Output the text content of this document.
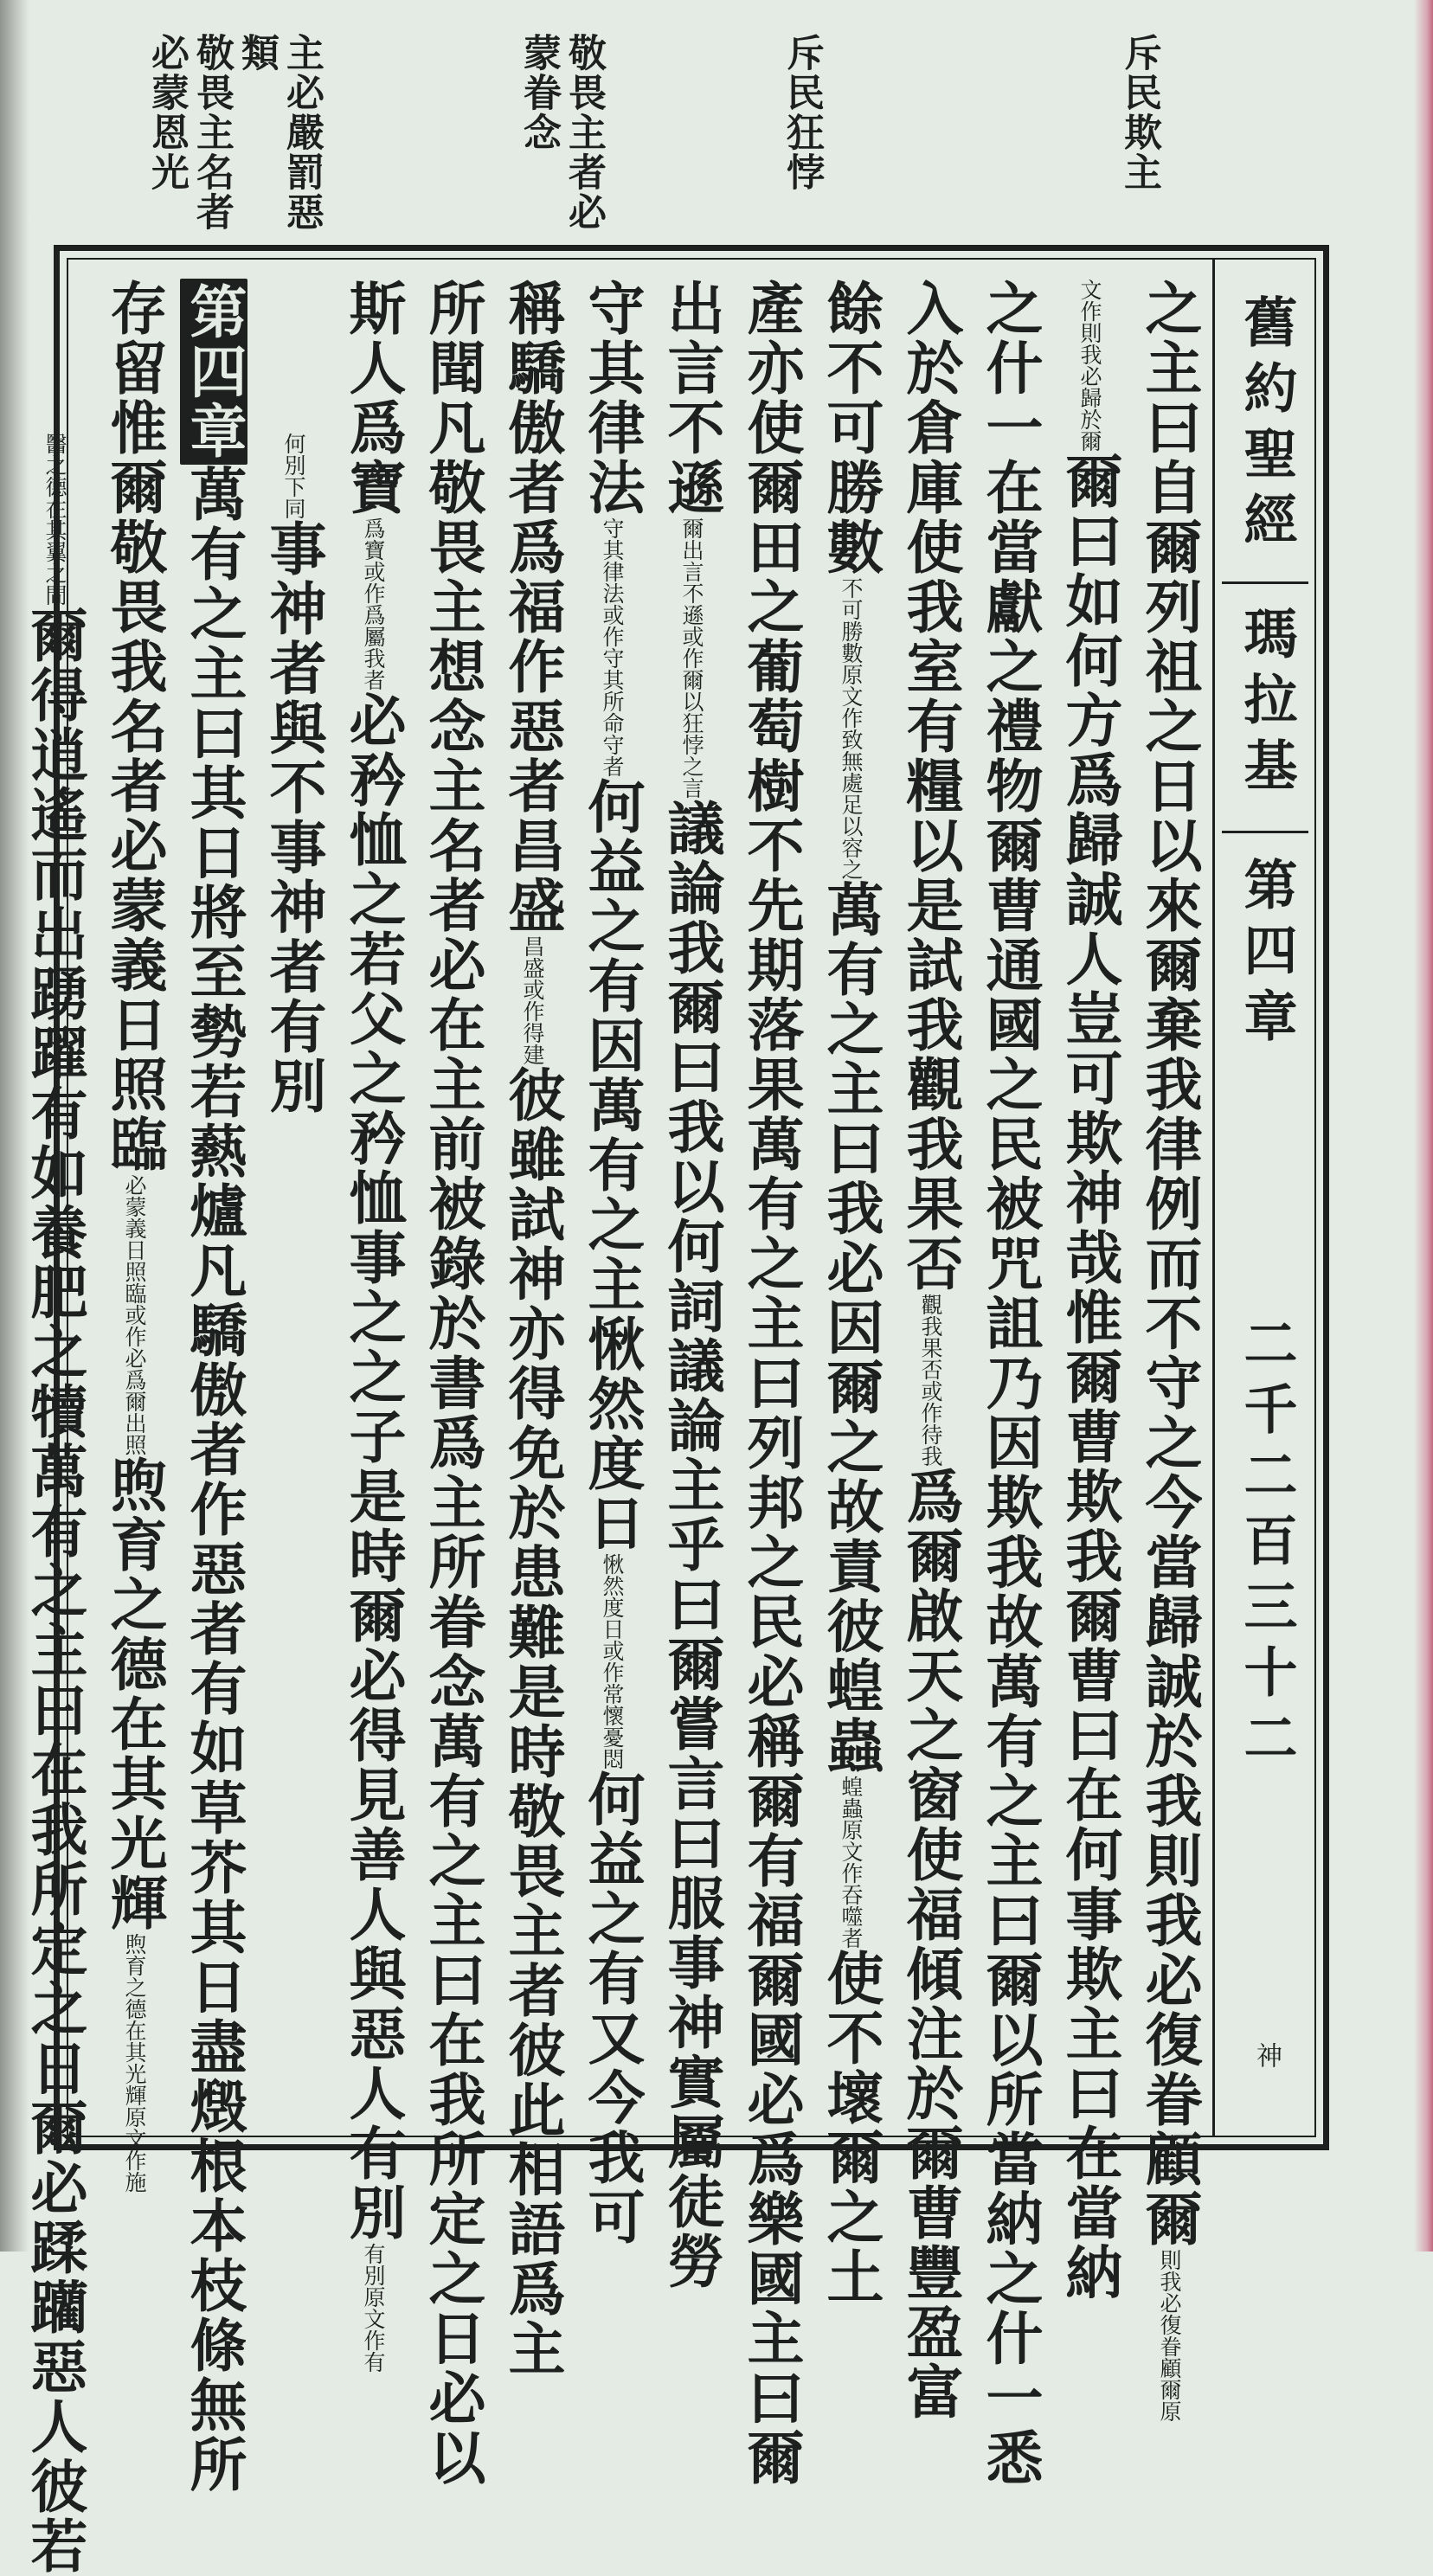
斥民欺主
斥民狂悖
敬畏主者必
蒙眷念
主必嚴罰惡
類
敬畏主名者
必蒙恩光
舊約聖經
瑪拉基
第四章
二千二百三十二
神
之主曰自爾列祖之日以來爾棄我律例而不守之今當歸誠於我則我必復眷顧爾則我必復眷顧爾原
文作則我必歸於爾爾曰如何方爲歸誠人豈可欺神哉惟爾曹欺我爾曹曰在何事欺主曰在當納
之什一在當獻之禮物爾曹通國之民被咒詛乃因欺我故萬有之主曰爾以所當納之什一悉
入於倉庫使我室有糧以是試我觀我果否觀我果否或作待我爲爾啟天之窗使福傾注於爾曹豐盈富
餘不可勝數不可勝數原文作致無處足以容之萬有之主曰我必因爾之故責彼蝗蟲蝗蟲原文作吞噬者使不壞爾之土
產亦使爾田之葡萄樹不先期落果萬有之主曰列邦之民必稱爾有福爾國必爲樂國主曰爾
出言不遜爾出言不遜或作爾以狂悖之言議論我爾曰我以何詞議論主乎曰爾嘗言曰服事神實屬徒勞
守其律法守其律法或作守其所命守者何益之有因萬有之主愀然度日愀然度日或作常懷憂悶何益之有又今我可
稱驕傲者爲福作惡者昌盛昌盛或作得建彼雖試神亦得免於患難是時敬畏主者彼此相語爲主
所聞凡敬畏主想念主名者必在主前被錄於書爲主所眷念萬有之主曰在我所定之日必以
斯人爲寶爲寶或作爲屬我者必矜恤之若父之矜恤事之之子是時爾必得見善人與惡人有別有別原文作有
何別下同事神者與不事神者有別
第四章萬有之主曰其日將至勢若爇爐凡驕傲者作惡者有如草芥其日盡燬根本枝條無所
存留惟爾敬畏我名者必蒙義日照臨必蒙義日照臨或作必爲爾出照煦育之德在其光輝煦育之德在其光輝原文作施
醫之德在其翼之間爾得逍遙而出踴躍有如養肥之犢萬有之主曰在我所定之日爾必蹂躪惡人彼若
